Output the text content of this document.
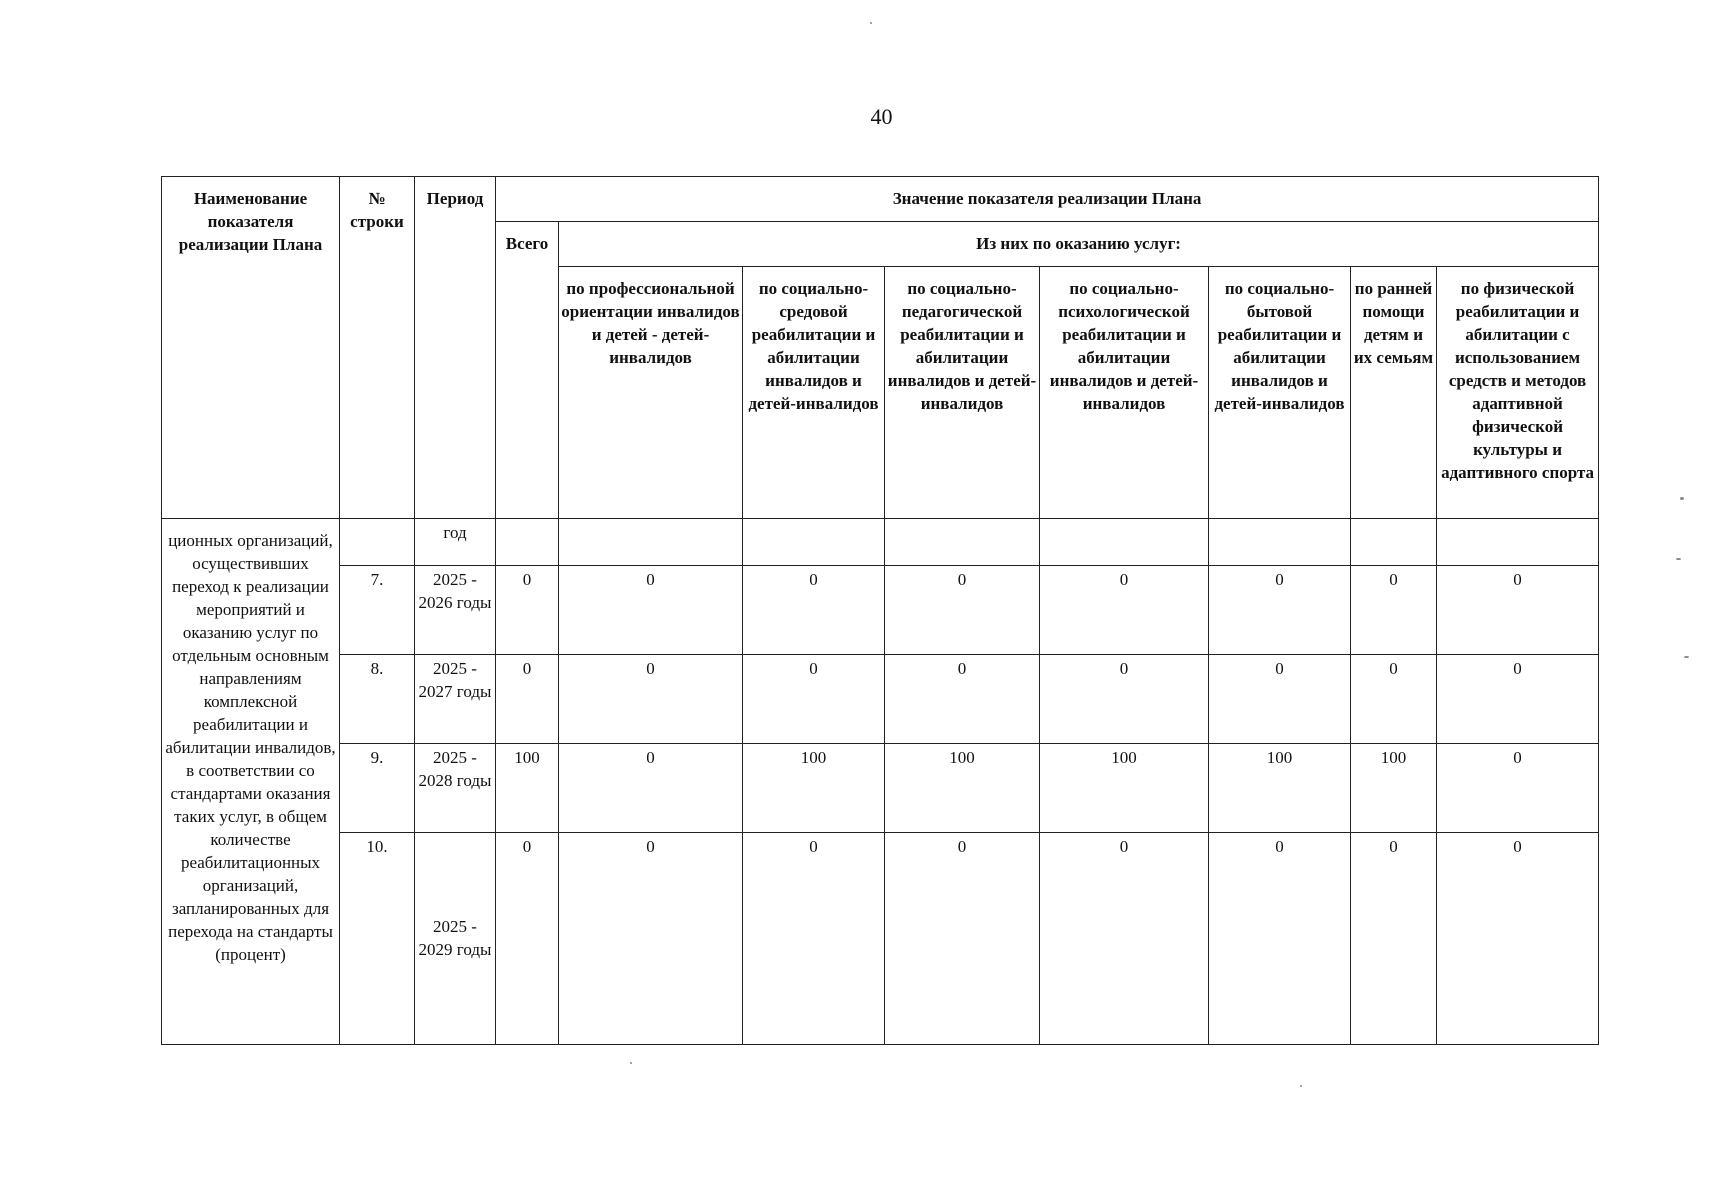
40
Наименование показателя реализации Плана	№ строки	Период	Значение показателя реализации Плана							
			Всего	Из них по оказанию услуг:						
				по профессиональной ориентации инвалидов и детей - детей-инвалидов	по социально-средовой реабилитации и абилитации инвалидов и детей-инвалидов	по социально-педагогической реабилитации и абилитации инвалидов и детей-инвалидов	по социально-психологической реабилитации и абилитации инвалидов и детей-инвалидов	по социально-бытовой реабилитации и абилитации инвалидов и детей-инвалидов	по ранней помощи детям и их семьям	по физической реабилитации и абилитации с использованием средств и методов адаптивной физической культуры и адаптивного спорта
ционных организаций, осуществивших переход к реализации мероприятий и оказанию услуг по отдельным основным направлениям комплексной реабилитации и абилитации инвалидов, в соответствии со стандартами оказания таких услуг, в общем количестве реабилитационных организаций, запланированных для перехода на стандарты (процент)		год								
	7.	2025 - 2026 годы	0	0	0	0	0	0	0	0
	8.	2025 - 2027 годы	0	0	0	0	0	0	0	0
	9.	2025 - 2028 годы	100	0	100	100	100	100	100	0
	10.	2025 - 2029 годы	0	0	0	0	0	0	0	0
